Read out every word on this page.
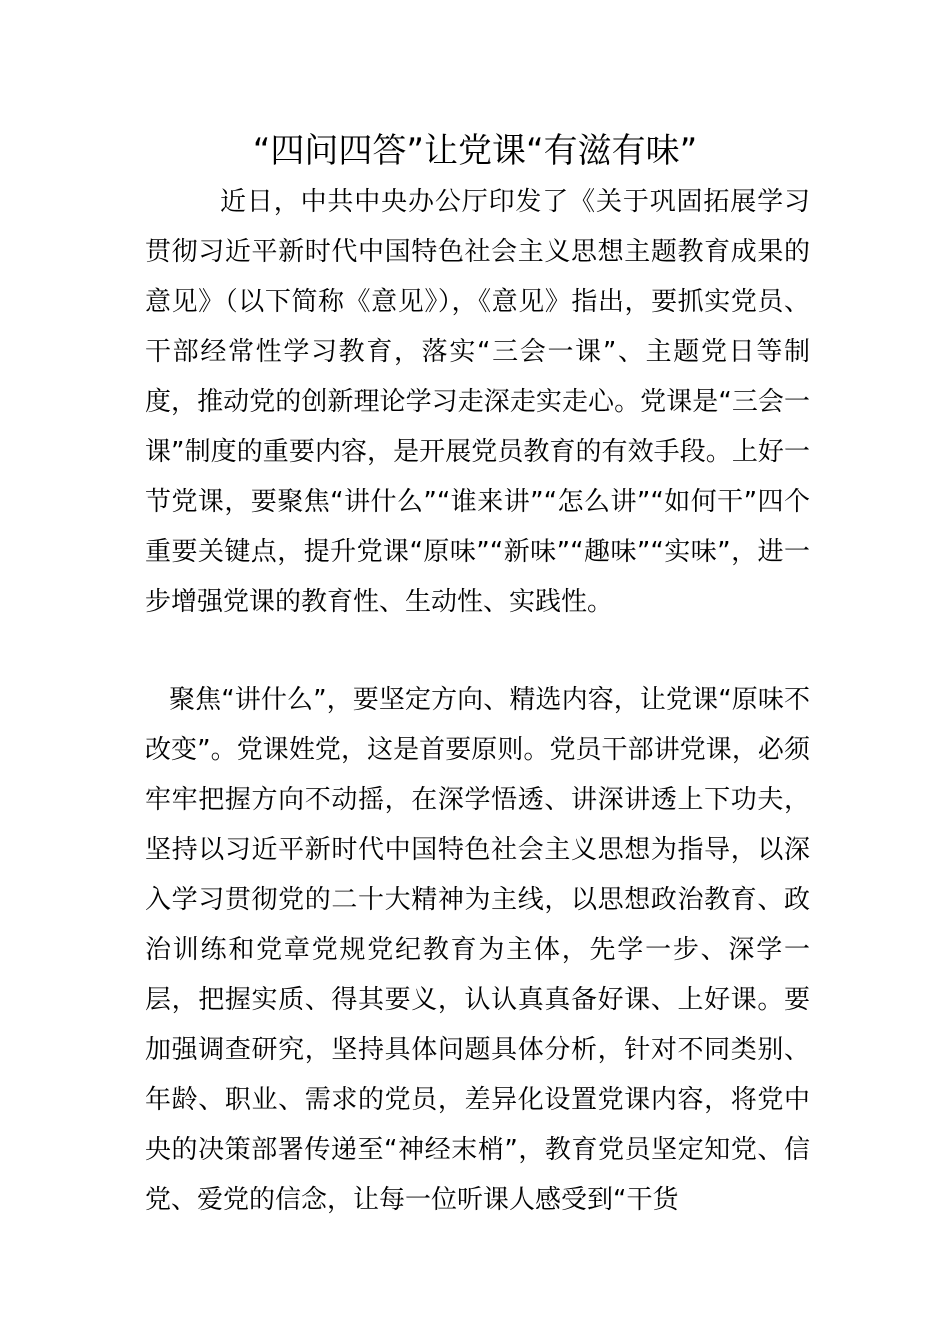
“四问四答”让党课“有滋有味”

近日，中共中央办公厅印发了《关于巩固拓展学习贯彻习近平新时代中国特色社会主义思想主题教育成果的意见》（以下简称《意见》），《意见》指出，要抓实党员、干部经常性学习教育，落实“三会一课”、主题党日等制度，推动党的创新理论学习走深走实走心。党课是“三会一课”制度的重要内容，是开展党员教育的有效手段。上好一节党课，要聚焦“讲什么”“谁来讲”“怎么讲”“如何干”四个重要关键点，提升党课“原味”“新味”“趣味”“实味”，进一步增强党课的教育性、生动性、实践性。

聚焦“讲什么”，要坚定方向、精选内容，让党课“原味不改变”。党课姓党，这是首要原则。党员干部讲党课，必须牢牢把握方向不动摇，在深学悟透、讲深讲透上下功夫，坚持以习近平新时代中国特色社会主义思想为指导，以深入学习贯彻党的二十大精神为主线，以思想政治教育、政治训练和党章党规党纪教育为主体，先学一步、深学一层，把握实质、得其要义，认认真真备好课、上好课。要加强调查研究，坚持具体问题具体分析，针对不同类别、年龄、职业、需求的党员，差异化设置党课内容，将党中央的决策部署传递至“神经末梢”，教育党员坚定知党、信党、爱党的信念，让每一位听课人感受到“干货
